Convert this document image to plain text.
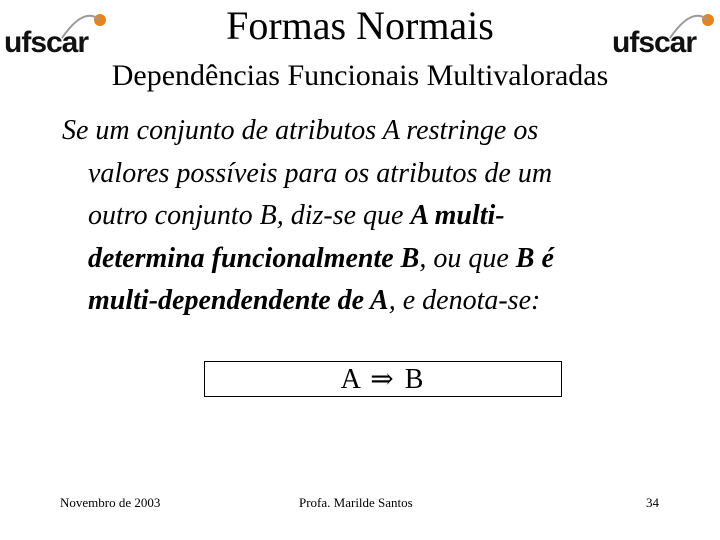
ufscar	ufscar
Formas Normais
Dependências Funcionais Multivaloradas
Se um conjunto de atributos A restringe os
valores possíveis para os atributos de um
outro conjunto B, diz-se que A multi-
determina funcionalmente B, ou que B é
multi-dependendente de A, e denota-se:
A ⇒ B
Novembro de 2003	Profa. Marilde Santos	34
